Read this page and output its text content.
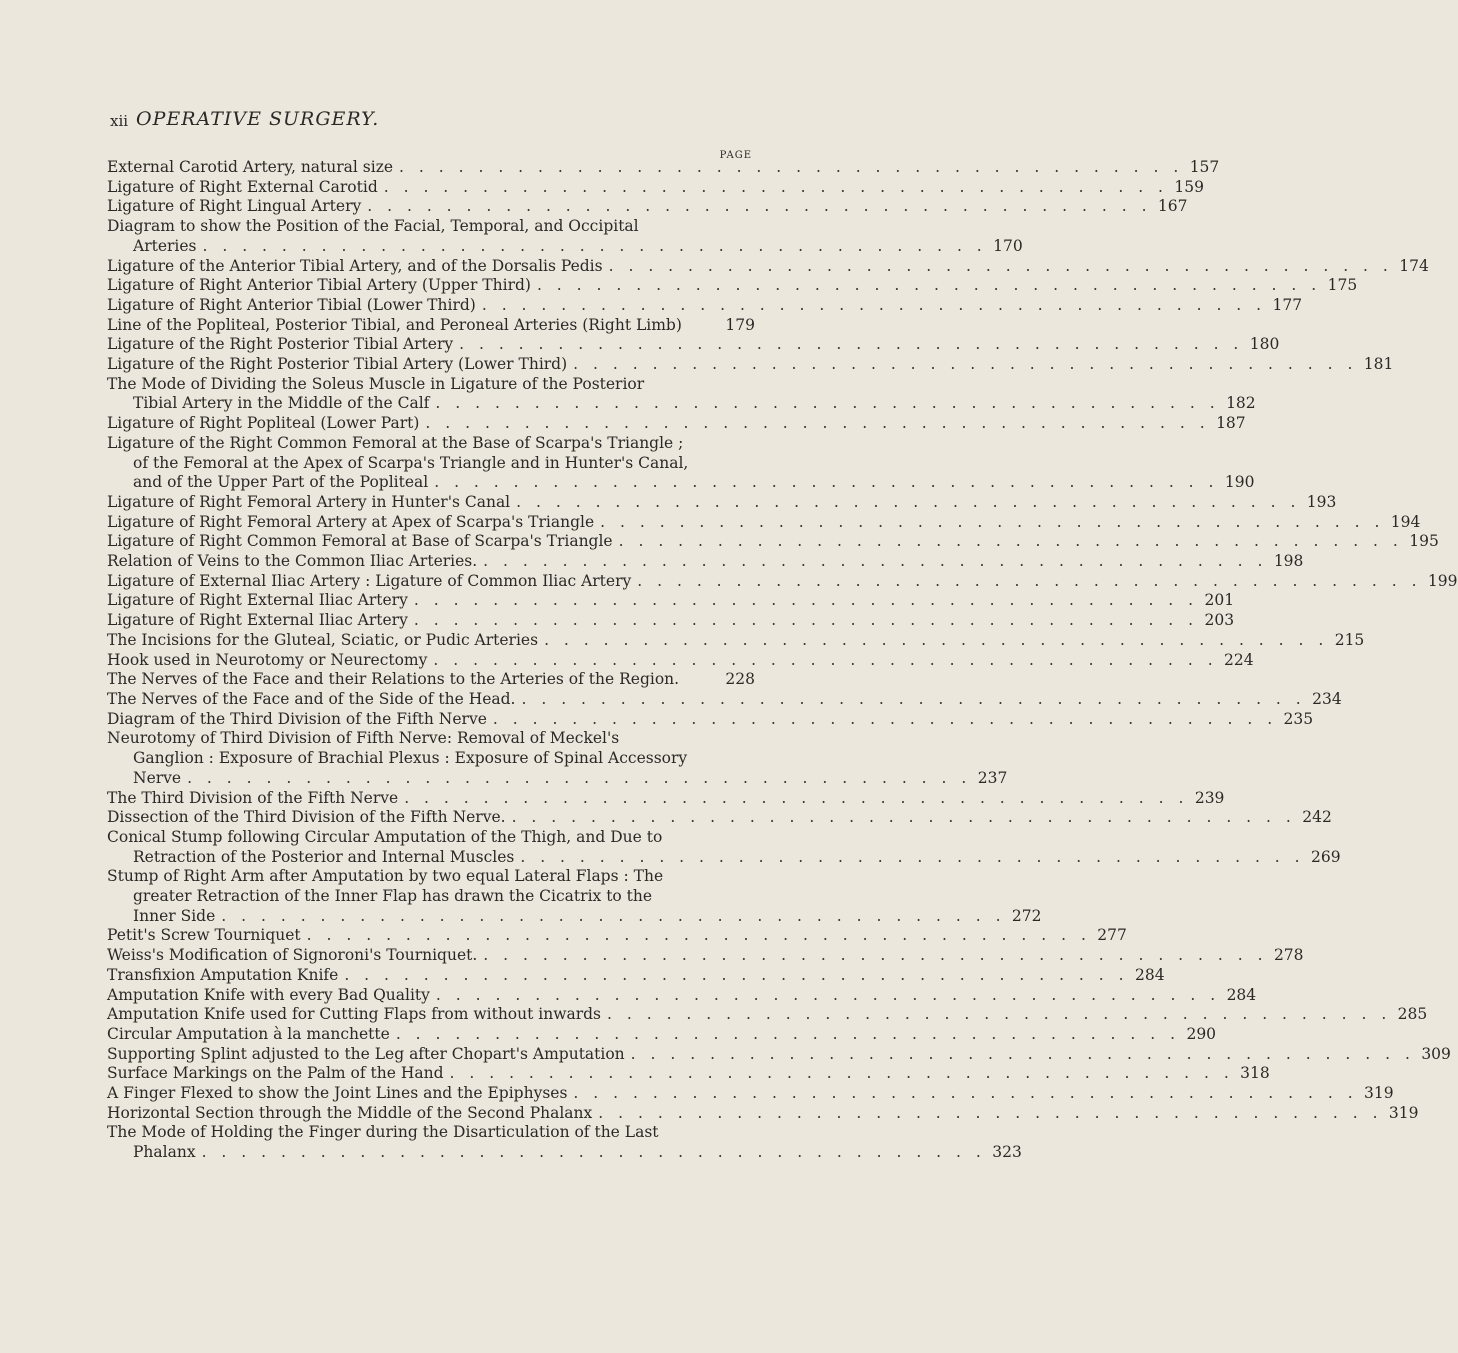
xii OPERATIVE SURGERY.
PAGE
External Carotid Artery, natural size . . . . . . . . . . . . . . . . . . . . . . . . . . . . . . . . . . . . . . . . 157
Ligature of Right External Carotid . . . . . . . . . . . . . . . . . . . . . . . . . . . . . . . . . . . . . . . . 159
Ligature of Right Lingual Artery . . . . . . . . . . . . . . . . . . . . . . . . . . . . . . . . . . . . . . . . 167
Diagram to show the Position of the Facial, Temporal, and Occipital
Arteries . . . . . . . . . . . . . . . . . . . . . . . . . . . . . . . . . . . . . . . . 170
Ligature of the Anterior Tibial Artery, and of the Dorsalis Pedis . . . . . . . . . . . . . . . . . . . . . . . . . . . . . . . . . . . . . . . . 174
Ligature of Right Anterior Tibial Artery (Upper Third) . . . . . . . . . . . . . . . . . . . . . . . . . . . . . . . . . . . . . . . . 175
Ligature of Right Anterior Tibial (Lower Third) . . . . . . . . . . . . . . . . . . . . . . . . . . . . . . . . . . . . . . . . 177
Line of the Popliteal, Posterior Tibial, and Peroneal Arteries (Right Limb)	179
Ligature of the Right Posterior Tibial Artery . . . . . . . . . . . . . . . . . . . . . . . . . . . . . . . . . . . . . . . . 180
Ligature of the Right Posterior Tibial Artery (Lower Third) . . . . . . . . . . . . . . . . . . . . . . . . . . . . . . . . . . . . . . . . 181
The Mode of Dividing the Soleus Muscle in Ligature of the Posterior
Tibial Artery in the Middle of the Calf . . . . . . . . . . . . . . . . . . . . . . . . . . . . . . . . . . . . . . . . 182
Ligature of Right Popliteal (Lower Part) . . . . . . . . . . . . . . . . . . . . . . . . . . . . . . . . . . . . . . . . 187
Ligature of the Right Common Femoral at the Base of Scarpa's Triangle ;
of the Femoral at the Apex of Scarpa's Triangle and in Hunter's Canal,
and of the Upper Part of the Popliteal . . . . . . . . . . . . . . . . . . . . . . . . . . . . . . . . . . . . . . . . 190
Ligature of Right Femoral Artery in Hunter's Canal . . . . . . . . . . . . . . . . . . . . . . . . . . . . . . . . . . . . . . . . 193
Ligature of Right Femoral Artery at Apex of Scarpa's Triangle . . . . . . . . . . . . . . . . . . . . . . . . . . . . . . . . . . . . . . . . 194
Ligature of Right Common Femoral at Base of Scarpa's Triangle . . . . . . . . . . . . . . . . . . . . . . . . . . . . . . . . . . . . . . . . 195
Relation of Veins to the Common Iliac Arteries. . . . . . . . . . . . . . . . . . . . . . . . . . . . . . . . . . . . . . . . . 198
Ligature of External Iliac Artery : Ligature of Common Iliac Artery . . . . . . . . . . . . . . . . . . . . . . . . . . . . . . . . . . . . . . . . 199
Ligature of Right External Iliac Artery . . . . . . . . . . . . . . . . . . . . . . . . . . . . . . . . . . . . . . . . 201
Ligature of Right External Iliac Artery . . . . . . . . . . . . . . . . . . . . . . . . . . . . . . . . . . . . . . . . 203
The Incisions for the Gluteal, Sciatic, or Pudic Arteries . . . . . . . . . . . . . . . . . . . . . . . . . . . . . . . . . . . . . . . . 215
Hook used in Neurotomy or Neurectomy . . . . . . . . . . . . . . . . . . . . . . . . . . . . . . . . . . . . . . . . 224
The Nerves of the Face and their Relations to the Arteries of the Region.	228
The Nerves of the Face and of the Side of the Head. . . . . . . . . . . . . . . . . . . . . . . . . . . . . . . . . . . . . . . . . 234
Diagram of the Third Division of the Fifth Nerve . . . . . . . . . . . . . . . . . . . . . . . . . . . . . . . . . . . . . . . . 235
Neurotomy of Third Division of Fifth Nerve: Removal of Meckel's
Ganglion : Exposure of Brachial Plexus : Exposure of Spinal Accessory
Nerve . . . . . . . . . . . . . . . . . . . . . . . . . . . . . . . . . . . . . . . . 237
The Third Division of the Fifth Nerve . . . . . . . . . . . . . . . . . . . . . . . . . . . . . . . . . . . . . . . . 239
Dissection of the Third Division of the Fifth Nerve. . . . . . . . . . . . . . . . . . . . . . . . . . . . . . . . . . . . . . . . . 242
Conical Stump following Circular Amputation of the Thigh, and Due to
Retraction of the Posterior and Internal Muscles . . . . . . . . . . . . . . . . . . . . . . . . . . . . . . . . . . . . . . . . 269
Stump of Right Arm after Amputation by two equal Lateral Flaps : The
greater Retraction of the Inner Flap has drawn the Cicatrix to the
Inner Side . . . . . . . . . . . . . . . . . . . . . . . . . . . . . . . . . . . . . . . . 272
Petit's Screw Tourniquet . . . . . . . . . . . . . . . . . . . . . . . . . . . . . . . . . . . . . . . . 277
Weiss's Modification of Signoroni's Tourniquet. . . . . . . . . . . . . . . . . . . . . . . . . . . . . . . . . . . . . . . . . 278
Transfixion Amputation Knife . . . . . . . . . . . . . . . . . . . . . . . . . . . . . . . . . . . . . . . . 284
Amputation Knife with every Bad Quality . . . . . . . . . . . . . . . . . . . . . . . . . . . . . . . . . . . . . . . . 284
Amputation Knife used for Cutting Flaps from without inwards . . . . . . . . . . . . . . . . . . . . . . . . . . . . . . . . . . . . . . . . 285
Circular Amputation à la manchette . . . . . . . . . . . . . . . . . . . . . . . . . . . . . . . . . . . . . . . . 290
Supporting Splint adjusted to the Leg after Chopart's Amputation . . . . . . . . . . . . . . . . . . . . . . . . . . . . . . . . . . . . . . . . 309
Surface Markings on the Palm of the Hand . . . . . . . . . . . . . . . . . . . . . . . . . . . . . . . . . . . . . . . . 318
A Finger Flexed to show the Joint Lines and the Epiphyses . . . . . . . . . . . . . . . . . . . . . . . . . . . . . . . . . . . . . . . . 319
Horizontal Section through the Middle of the Second Phalanx . . . . . . . . . . . . . . . . . . . . . . . . . . . . . . . . . . . . . . . . 319
The Mode of Holding the Finger during the Disarticulation of the Last
Phalanx . . . . . . . . . . . . . . . . . . . . . . . . . . . . . . . . . . . . . . . . 323
